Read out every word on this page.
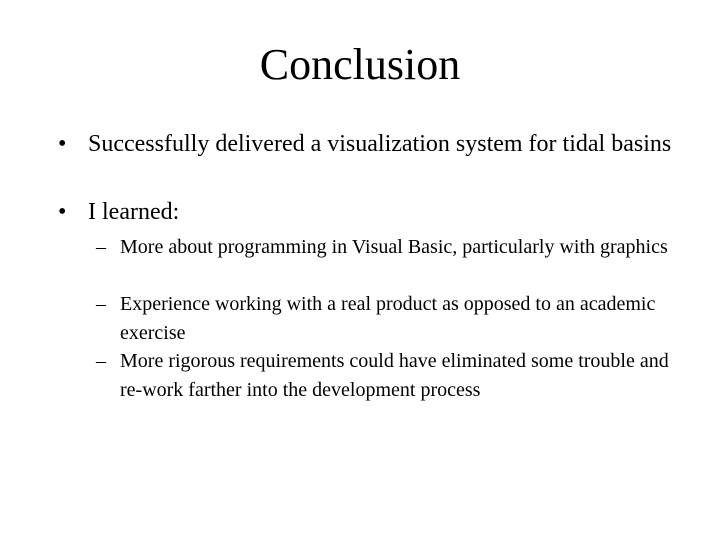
Conclusion
• Successfully delivered a visualization system for tidal basins
• I learned:
– More about programming in Visual Basic, particularly with graphics
– Experience working with a real product as opposed to an academic exercise
– More rigorous requirements could have eliminated some trouble and re-work farther into the development process
